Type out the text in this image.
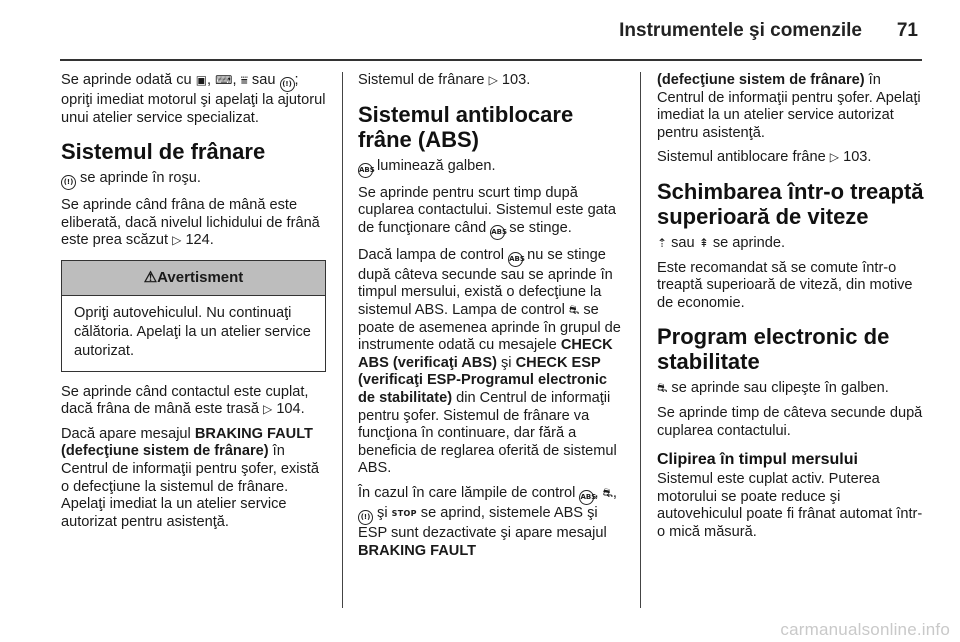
Instrumentele şi comenzile 71

Se aprinde odată cu ▣, ⌨, ⩸ sau (!) ; opriţi imediat motorul şi apelaţi la ajutorul unui atelier service specializat.

Sistemul de frânare

(!) se aprinde în roşu.

Se aprinde când frâna de mână este eliberată, dacă nivelul lichidului de frână este prea scăzut ▷ 124.

⚠Avertisment
Opriţi autovehiculul. Nu continuaţi călătoria. Apelaţi la un atelier service autorizat.

Se aprinde când contactul este cuplat, dacă frâna de mână este trasă ▷ 104.

Dacă apare mesajul BRAKING FAULT (defecţiune sistem de frânare) în Centrul de informaţii pentru şofer, există o defecţiune la sistemul de frânare. Apelaţi imediat la un atelier service autorizat pentru asistenţă.

Sistemul de frânare ▷ 103.

Sistemul antiblocare frâne (ABS)

ABS luminează galben.

Se aprinde pentru scurt timp după cuplarea contactului. Sistemul este gata de funcţionare când ABS se stinge.

Dacă lampa de control ABS nu se stinge după câteva secunde sau se aprinde în timpul mersului, există o defecţiune la sistemul ABS. Lampa de control ⛐ se poate de asemenea aprinde în grupul de instrumente odată cu mesajele CHECK ABS (verificaţi ABS) şi CHECK ESP (verificaţi ESP-Programul electronic de stabilitate) din Centrul de informaţii pentru şofer. Sistemul de frânare va funcţiona în continuare, dar fără a beneficia de reglarea oferită de sistemul ABS.

În cazul în care lămpile de control ABS, ⛐, (!) şi STOP se aprind, sistemele ABS şi ESP sunt dezactivate şi apare mesajul BRAKING FAULT

(defecţiune sistem de frânare) în Centrul de informaţii pentru şofer. Apelaţi imediat la un atelier service autorizat pentru asistenţă.

Sistemul antiblocare frâne ▷ 103.

Schimbarea într-o treaptă superioară de viteze

⇡ sau ⇞ se aprinde.

Este recomandat să se comute într-o treaptă superioară de viteză, din motive de economie.

Program electronic de stabilitate

⛐ se aprinde sau clipeşte în galben.

Se aprinde timp de câteva secunde după cuplarea contactului.

Clipirea în timpul mersului

Sistemul este cuplat activ. Puterea motorului se poate reduce şi autovehiculul poate fi frânat automat într-o mică măsură.

carmanualsonline.info
